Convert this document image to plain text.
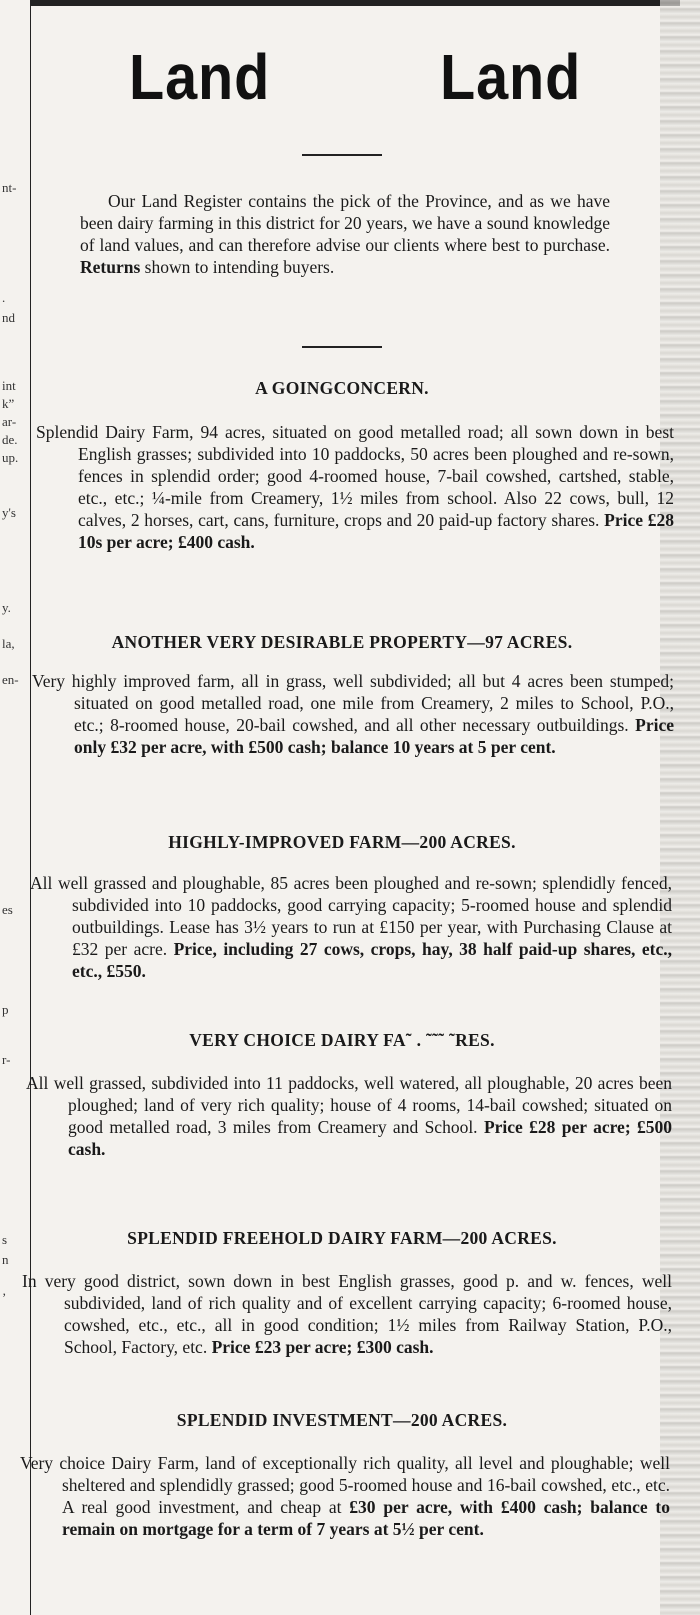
nt-
.
nd
int
k”
ar-
de.
up.
y's
y.
la,
en-
es
p
r-
s
n
’
Land	Land
Our Land Register contains the pick of the Province, and as we have been dairy farming in this district for 20 years, we have a sound knowledge of land values, and can therefore advise our clients where best to purchase. Returns shown to intending buyers.
A GOINGCONCERN.
Splendid Dairy Farm, 94 acres, situated on good metalled road; all sown down in best English grasses; subdivided into 10 paddocks, 50 acres been ploughed and re-sown, fences in splendid order; good 4-roomed house, 7-bail cowshed, cartshed, stable, etc., etc.; ¼-mile from Creamery, 1½ miles from school. Also 22 cows, bull, 12 calves, 2 horses, cart, cans, furniture, crops and 20 paid-up factory shares. Price £28 10s per acre; £400 cash.
ANOTHER VERY DESIRABLE PROPERTY—97 ACRES.
Very highly improved farm, all in grass, well subdivided; all but 4 acres been stumped; situated on good metalled road, one mile from Creamery, 2 miles to School, P.O., etc.; 8-roomed house, 20-bail cowshed, and all other necessary outbuildings. Price only £32 per acre, with £500 cash; balance 10 years at 5 per cent.
HIGHLY-IMPROVED FARM—200 ACRES.
All well grassed and ploughable, 85 acres been ploughed and re-sown; splendidly fenced, subdivided into 10 paddocks, good carrying capacity; 5-roomed house and splendid outbuildings. Lease has 3½ years to run at £150 per year, with Purchasing Clause at £32 per acre. Price, including 27 cows, crops, hay, 38 half paid-up shares, etc., etc., £550.
VERY CHOICE DAIRY FA˜ . ˜˜˜ ˜RES.
All well grassed, subdivided into 11 paddocks, well watered, all ploughable, 20 acres been ploughed; land of very rich quality; house of 4 rooms, 14-bail cowshed; situated on good metalled road, 3 miles from Creamery and School. Price £28 per acre; £500 cash.
SPLENDID FREEHOLD DAIRY FARM—200 ACRES.
In very good district, sown down in best English grasses, good p. and w. fences, well subdivided, land of rich quality and of excellent carrying capacity; 6-roomed house, cowshed, etc., etc., all in good condition; 1½ miles from Railway Station, P.O., School, Factory, etc. Price £23 per acre; £300 cash.
SPLENDID INVESTMENT—200 ACRES.
Very choice Dairy Farm, land of exceptionally rich quality, all level and ploughable; well sheltered and splendidly grassed; good 5-roomed house and 16-bail cowshed, etc., etc. A real good investment, and cheap at £30 per acre, with £400 cash; balance to remain on mortgage for a term of 7 years at 5½ per cent.
